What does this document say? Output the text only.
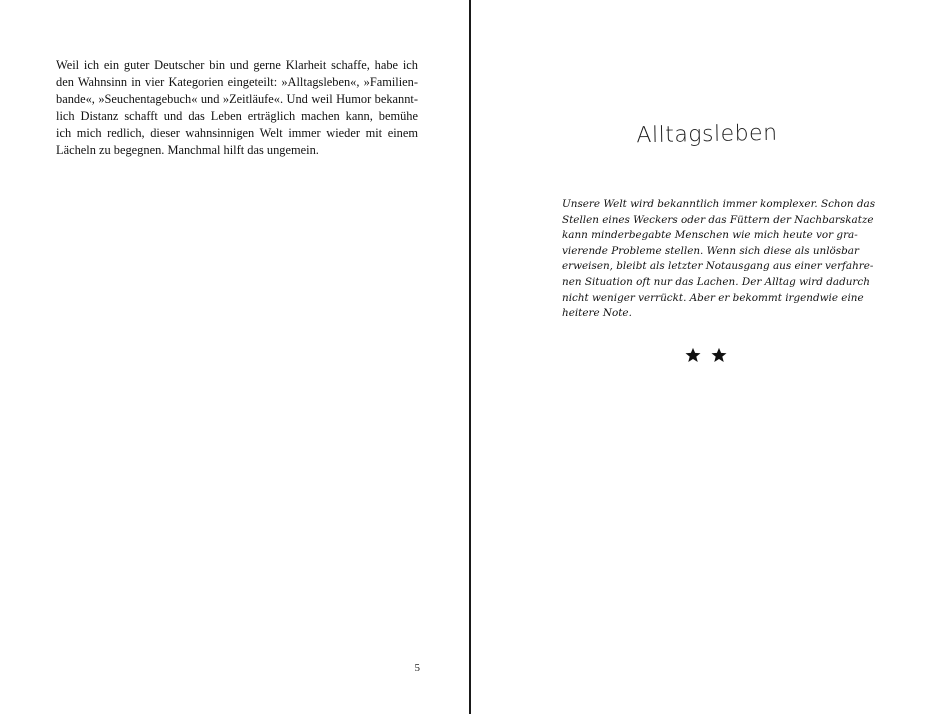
Weil ich ein guter Deutscher bin und gerne Klarheit schaffe, habe ich
den Wahnsinn in vier Kategorien eingeteilt: »Alltagsleben«, »Familien-
bande«, »Seuchentagebuch« und »Zeitläufe«. Und weil Humor bekannt-
lich Distanz schafft und das Leben erträglich machen kann, bemühe
ich mich redlich, dieser wahnsinnigen Welt immer wieder mit einem
Lächeln zu begegnen. Manchmal hilft das ungemein.
5
Alltagsleben
Unsere Welt wird bekanntlich immer komplexer. Schon das
Stellen eines Weckers oder das Füttern der Nachbarskatze
kann minderbegabte Menschen wie mich heute vor gra-
vierende Probleme stellen. Wenn sich diese als unlösbar
erweisen, bleibt als letzter Notausgang aus einer verfahre-
nen Situation oft nur das Lachen. Der Alltag wird dadurch
nicht weniger verrückt. Aber er bekommt irgendwie eine
heitere Note.
